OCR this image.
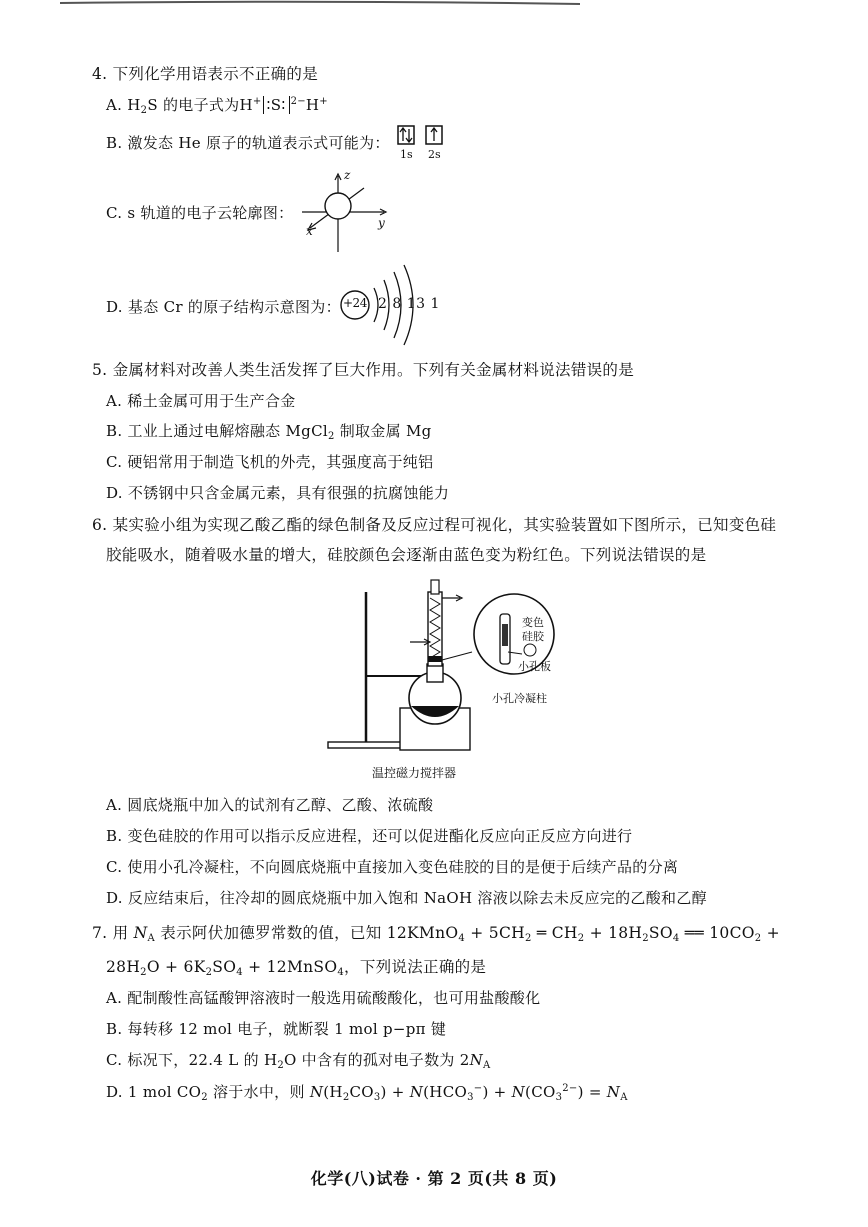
4. 下列化学用语表示不正确的是
A. $H_2S$ 的电子式为H+ ∶S∶ $^{2-}$H+
B. 激发态 He 原子的轨道表示式可能为：
1s 2s
C. s 轨道的电子云轮廓图：
z
y
x
D. 基态 Cr 的原子结构示意图为： +24 2 8 13 1
5. 金属材料对改善人类生活发挥了巨大作用。下列有关金属材料说法错误的是
A. 稀土金属可用于生产合金
B. 工业上通过电解熔融态 MgCl$_2$ 制取金属 Mg
C. 硬铝常用于制造飞机的外壳，其强度高于纯铝
D. 不锈钢中只含金属元素，具有很强的抗腐蚀能力
6. 某实验小组为实现乙酸乙酯的绿色制备及反应过程可视化，其实验装置如下图所示，已知变色硅
胶能吸水，随着吸水量的增大，硅胶颜色会逐渐由蓝色变为粉红色。下列说法错误的是
变色
硅胶
小孔板
小孔冷凝柱
温控磁力搅拌器
A. 圆底烧瓶中加入的试剂有乙醇、乙酸、浓硫酸
B. 变色硅胶的作用可以指示反应进程，还可以促进酯化反应向正反应方向进行
C. 使用小孔冷凝柱，不向圆底烧瓶中直接加入变色硅胶的目的是便于后续产品的分离
D. 反应结束后，往冷却的圆底烧瓶中加入饱和 NaOH 溶液以除去未反应完的乙酸和乙醇
7. 用 $N_A$ 表示阿伏加德罗常数的值，已知 12KMnO$_4$ + $5CH_2$ ═ $CH_2 + 18H_2SO_4$ ══ $10CO_2$ +
$28H_2O + 6K_2SO_4$ + 12MnSO$_4$，下列说法正确的是
A. 配制酸性高锰酸钾溶液时一般选用硫酸酸化，也可用盐酸酸化
B. 每转移 12 mol 电子，就断裂 1 mol p−pπ 键
C. 标况下，22.4 L 的 $H_2O$ 中含有的孤对电子数为 $2N_A$
D. 1 mol $CO_2$ 溶于水中，则 $N(H_2CO_3) + N(HCO_3^-) + N(CO_3^{2-}) = N_A$
化学(八)试卷 · 第 2 页(共 8 页)
